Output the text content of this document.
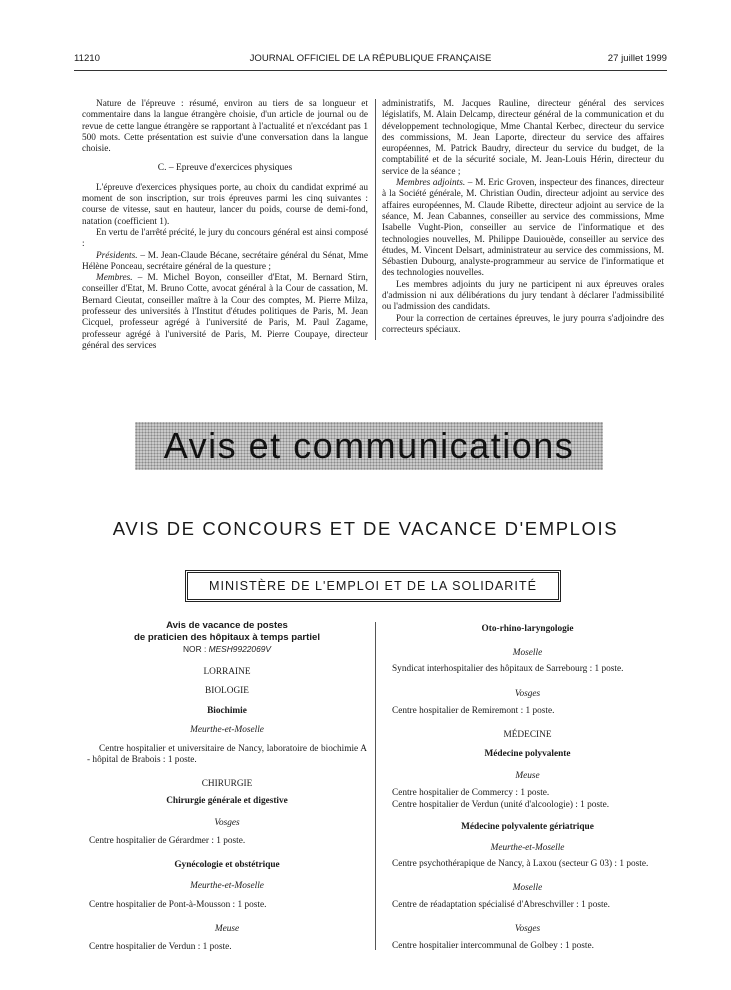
11210	JOURNAL OFFICIEL DE LA RÉPUBLIQUE FRANÇAISE	27 juillet 1999

Nature de l'épreuve : résumé, environ au tiers de sa longueur et commentaire dans la langue étrangère choisie, d'un article de journal ou de revue de cette langue étrangère se rapportant à l'actualité et n'excédant pas 1 500 mots. Cette présentation est suivie d'une conversation dans la langue choisie.

C. – Epreuve d'exercices physiques

L'épreuve d'exercices physiques porte, au choix du candidat exprimé au moment de son inscription, sur trois épreuves parmi les cinq suivantes : course de vitesse, saut en hauteur, lancer du poids, course de demi-fond, natation (coefficient 1).

En vertu de l'arrêté précité, le jury du concours général est ainsi composé :

Présidents. – M. Jean-Claude Bécane, secrétaire général du Sénat, Mme Hélène Ponceau, secrétaire général de la questure ;

Membres. – M. Michel Boyon, conseiller d'Etat, M. Bernard Stirn, conseiller d'Etat, M. Bruno Cotte, avocat général à la Cour de cassation, M. Bernard Cieutat, conseiller maître à la Cour des comptes, M. Pierre Milza, professeur des universités à l'Institut d'études politiques de Paris, M. Jean Cicquel, professeur agrégé à l'université de Paris, M. Paul Zagame, professeur agrégé à l'université de Paris, M. Pierre Coupaye, directeur général des services

administratifs, M. Jacques Rauline, directeur général des services législatifs, M. Alain Delcamp, directeur général de la communication et du développement technologique, Mme Chantal Kerbec, directeur du service des commissions, M. Jean Laporte, directeur du service des affaires européennes, M. Patrick Baudry, directeur du service du budget, de la comptabilité et de la sécurité sociale, M. Jean-Louis Hérin, directeur du service de la séance ;

Membres adjoints. – M. Eric Groven, inspecteur des finances, directeur à la Société générale, M. Christian Oudin, directeur adjoint au service des affaires européennes, M. Claude Ribette, directeur adjoint au service de la séance, M. Jean Cabannes, conseiller au service des commissions, Mme Isabelle Vught-Pion, conseiller au service de l'informatique et des technologies nouvelles, M. Philippe Dauiouède, conseiller au service des études, M. Vincent Delsart, administrateur au service des commissions, M. Sébastien Dubourg, analyste-programmeur au service de l'informatique et des technologies nouvelles.

Les membres adjoints du jury ne participent ni aux épreuves orales d'admission ni aux délibérations du jury tendant à déclarer l'admissibilité ou l'admission des candidats.

Pour la correction de certaines épreuves, le jury pourra s'adjoindre des correcteurs spéciaux.

Avis et communications
AVIS DE CONCOURS ET DE VACANCE D'EMPLOIS
MINISTÈRE DE L'EMPLOI ET DE LA SOLIDARITÉ
Avis de vacance de postes
de praticien des hôpitaux à temps partiel
NOR : MESH9922069V
LORRAINE
BIOLOGIE
Biochimie
Meurthe-et-Moselle
Centre hospitalier et universitaire de Nancy, laboratoire de biochimie A - hôpital de Brabois : 1 poste.
CHIRURGIE
Chirurgie générale et digestive
Vosges
Centre hospitalier de Gérardmer : 1 poste.
Gynécologie et obstétrique
Meurthe-et-Moselle
Centre hospitalier de Pont-à-Mousson : 1 poste.
Meuse
Centre hospitalier de Verdun : 1 poste.
Oto-rhino-laryngologie
Moselle
Syndicat interhospitalier des hôpitaux de Sarrebourg : 1 poste.
Vosges
Centre hospitalier de Remiremont : 1 poste.
MÉDECINE
Médecine polyvalente
Meuse
Centre hospitalier de Commercy : 1 poste.
Centre hospitalier de Verdun (unité d'alcoologie) : 1 poste.
Médecine polyvalente gériatrique
Meurthe-et-Moselle
Centre psychothérapique de Nancy, à Laxou (secteur G 03) : 1 poste.
Moselle
Centre de réadaptation spécialisé d'Abreschviller : 1 poste.
Vosges
Centre hospitalier intercommunal de Golbey : 1 poste.
